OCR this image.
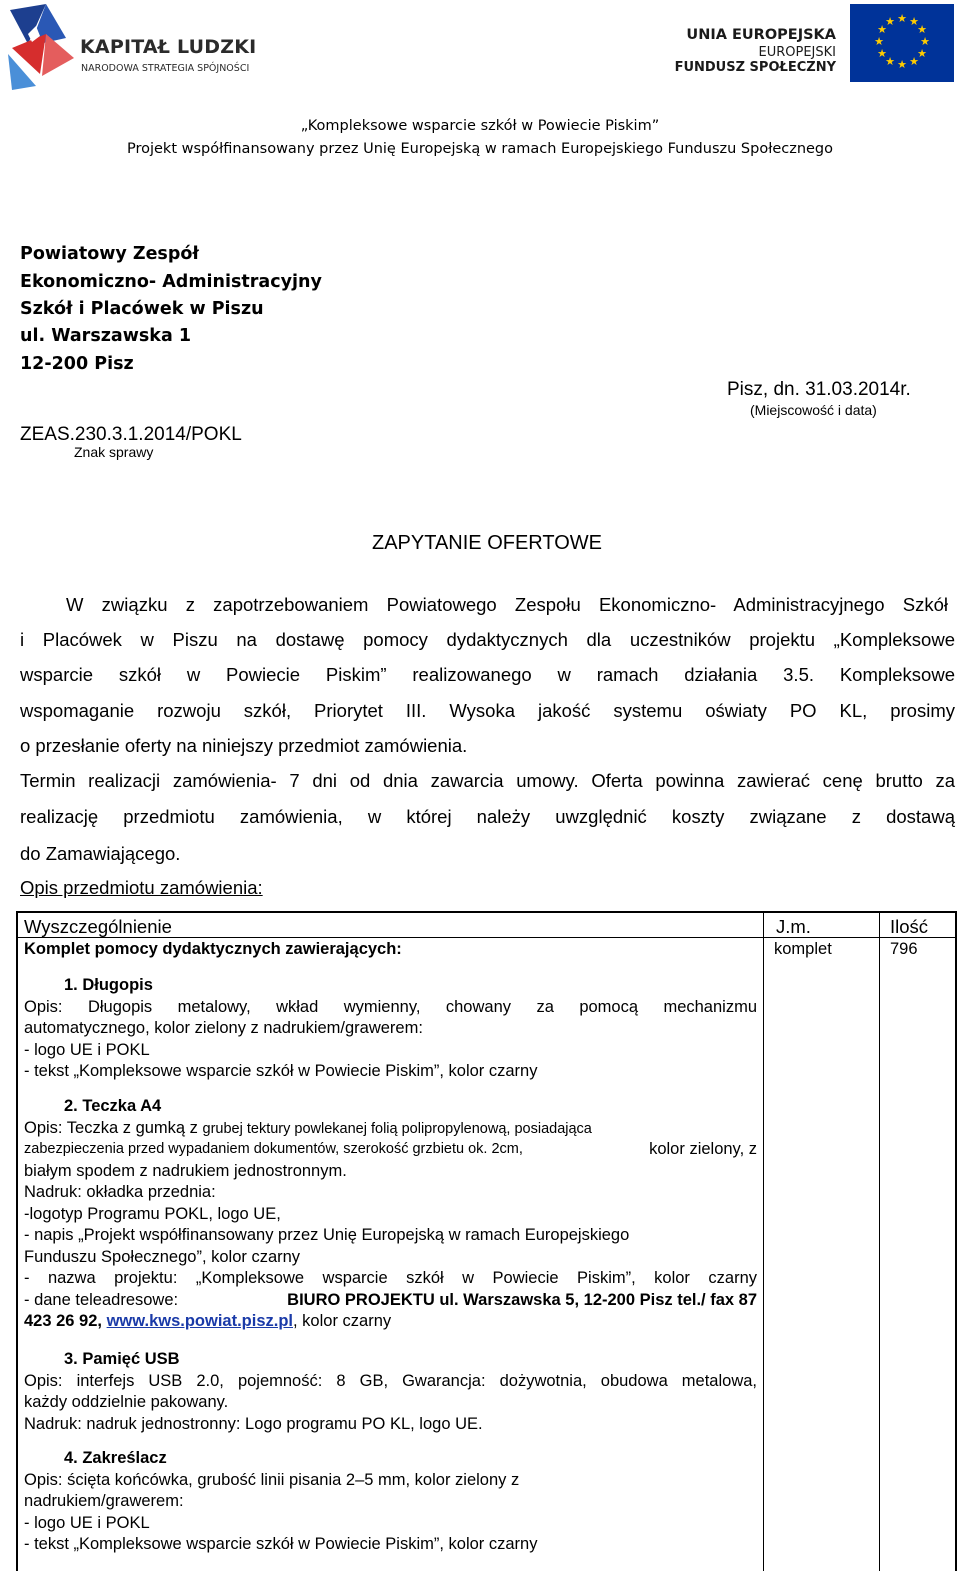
KAPITAŁ LUDZKI
NARODOWA STRATEGIA SPÓJNOŚCI
UNIA EUROPEJSKA
EUROPEJSKI
FUNDUSZ SPOŁECZNY
★ ★
★
★
★
★
★
★
★
★
★
★
„Kompleksowe wsparcie szkół w Powiecie Piskim”
Projekt współfinansowany przez Unię Europejską w ramach Europejskiego Funduszu Społecznego
Powiatowy Zespół
Ekonomiczno- Administracyjny
Szkół i Placówek w Piszu
ul. Warszawska 1
12-200 Pisz
ZEAS.230.3.1.2014/POKL
Znak sprawy
Pisz, dn. 31.03.2014r.
(Miejscowość i data)
ZAPYTANIE OFERTOWE
W związku z zapotrzebowaniem Powiatowego Zespołu Ekonomiczno- Administracyjnego Szkół
i Placówek w Piszu na dostawę pomocy dydaktycznych dla uczestników projektu „Kompleksowe
wsparcie szkół w Powiecie Piskim” realizowanego w ramach działania 3.5. Kompleksowe
wspomaganie rozwoju szkół, Priorytet III. Wysoka jakość systemu oświaty PO KL, prosimy
o przesłanie oferty na niniejszy przedmiot zamówienia.
Termin realizacji zamówienia- 7 dni od dnia zawarcia umowy. Oferta powinna zawierać cenę brutto za
realizację przedmiotu zamówienia, w której należy uwzględnić koszty związane z dostawą
do Zamawiającego.
Opis przedmiotu zamówienia:
Wyszczególnienie	J.m.	Ilość
Komplet pomocy dydaktycznych zawierających:	komplet	796
1. Długopis
Opis: Długopis metalowy, wkład wymienny, chowany za pomocą mechanizmu
automatycznego, kolor zielony z nadrukiem/grawerem:
- logo UE i POKL
- tekst „Kompleksowe wsparcie szkół w Powiecie Piskim”, kolor czarny
2. Teczka A4
Opis: Teczka z gumką z grubej tektury powlekanej folią polipropylenową, posiadająca
zabezpieczenia przed wypadaniem dokumentów, szerokość grzbietu ok. 2cm,	kolor zielony, z
białym spodem z nadrukiem jednostronnym.
Nadruk: okładka przednia:
-logotyp Programu POKL, logo UE,
- napis „Projekt współfinansowany przez Unię Europejską w ramach Europejskiego
Funduszu Społecznego”, kolor czarny
- nazwa projektu: „Kompleksowe wsparcie szkół w Powiecie Piskim”, kolor czarny
- dane teleadresowe:	BIURO PROJEKTU ul. Warszawska 5, 12-200 Pisz tel./ fax 87
423 26 92, www.kws.powiat.pisz.pl, kolor czarny
3. Pamięć USB
Opis: interfejs USB 2.0, pojemność: 8 GB, Gwarancja: dożywotnia, obudowa metalowa,
każdy oddzielnie pakowany.
Nadruk: nadruk jednostronny: Logo programu PO KL, logo UE.
4. Zakreślacz
Opis: ścięta końcówka, grubość linii pisania 2–5 mm, kolor zielony z
nadrukiem/grawerem:
- logo UE i POKL
- tekst „Kompleksowe wsparcie szkół w Powiecie Piskim”, kolor czarny
